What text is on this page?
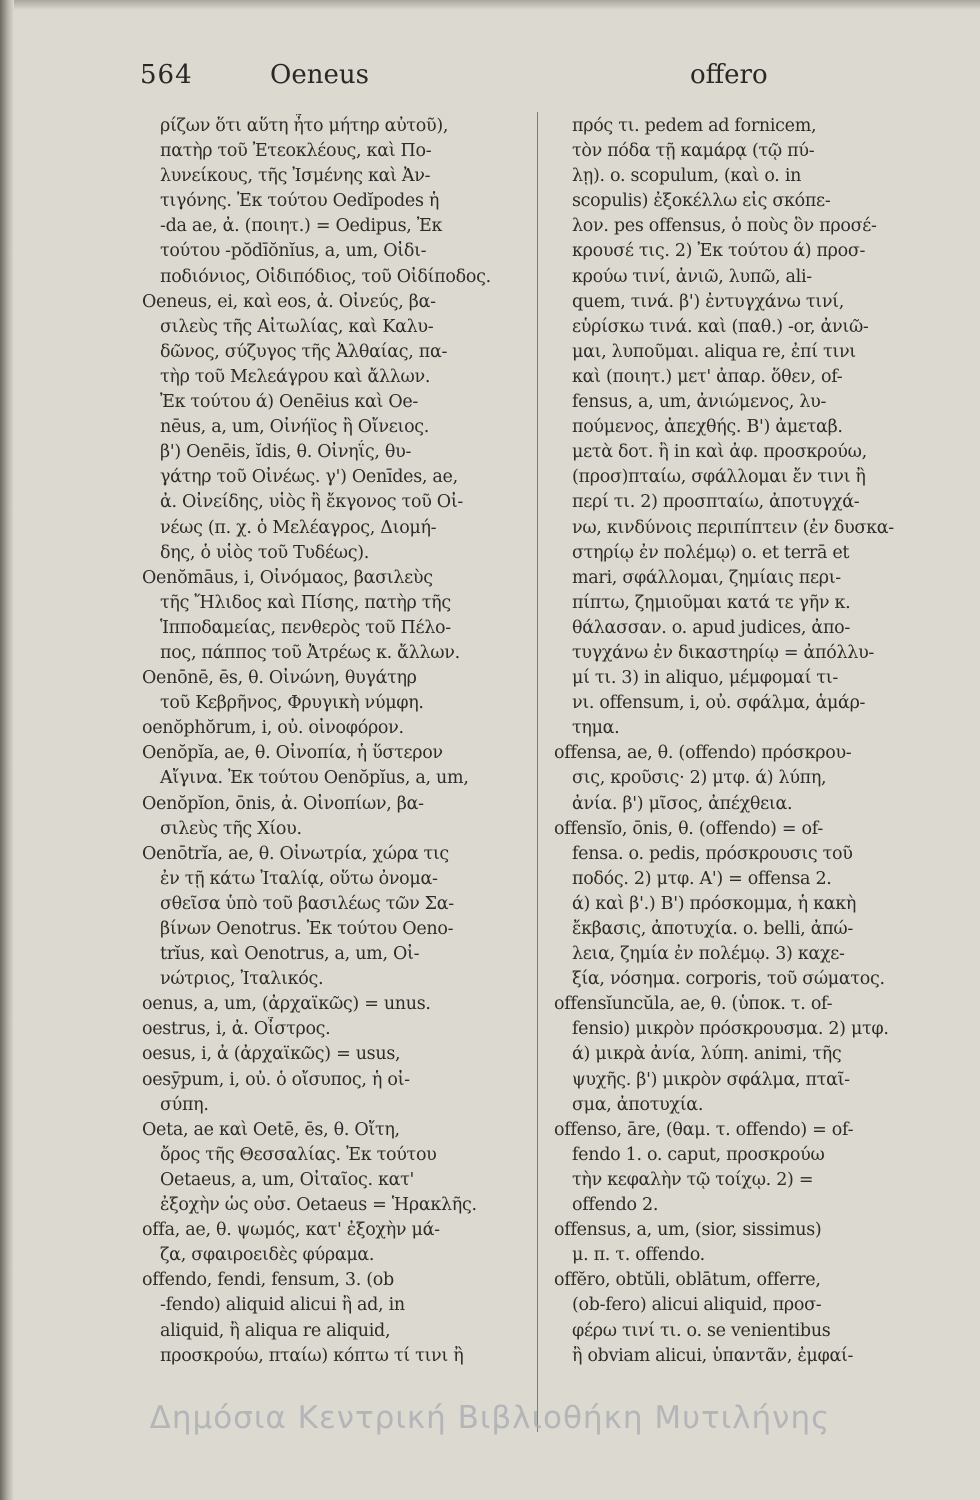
564	Oeneus	offero
ρίζων ὅτι αὕτη ἦτο μήτηρ αὐτοῦ),
πατὴρ τοῦ Ἐτεοκλέους, καὶ Πο-
λυνείκους, τῆς Ἰσμένης καὶ Ἀν-
τιγόνης. Ἐκ τούτου Oedĭpodes ἡ
-da ae, ἀ. (ποιητ.) = Oedipus, Ἐκ
τούτου -pŏdīŏnĭus, a, um, Οἰδι-
ποδιόνιος, Οἰδιπόδιος, τοῦ Οἰδίποδος.
Oeneus, ei, καὶ eos, ἀ. Οἰνεύς, βα-
σιλεὺς τῆς Αἰτωλίας, καὶ Καλυ-
δῶνος, σύζυγος τῆς Ἀλθαίας, πα-
τὴρ τοῦ Μελεάγρου καὶ ἄλλων.
Ἐκ τούτου ά) Oenēius καὶ Oe-
nēus, a, um, Οἰνήϊος ἢ Οἴνειος.
β') Oenēis, ĭdis, θ. Οἰνηΐς, θυ-
γάτηρ τοῦ Οἰνέως. γ') Oenīdes, ae,
ἀ. Οἰνείδης, υἱὸς ἢ ἔκγονος τοῦ Οἰ-
νέως (π. χ. ὁ Μελέαγρος, Διομή-
δης, ὁ υἱὸς τοῦ Τυδέως).
Oenŏmāus, i, Οἰνόμαος, βασιλεὺς
τῆς Ἤλιδος καὶ Πίσης, πατὴρ τῆς
Ἱπποδαμείας, πενθερὸς τοῦ Πέλο-
πος, πάππος τοῦ Ἀτρέως κ. ἄλλων.
Oenōnē, ēs, θ. Οἰνώνη, θυγάτηρ
τοῦ Κεβρῆνος, Φρυγικὴ νύμφη.
oenŏphŏrum, i, οὐ. οἰνοφόρον.
Oenŏpĭa, ae, θ. Οἰνοπία, ἡ ὕστερον
Αἴγινα. Ἐκ τούτου Oenŏpĭus, a, um,
Oenŏpĭon, ōnis, ἀ. Οἰνοπίων, βα-
σιλεὺς τῆς Χίου.
Oenōtrĭa, ae, θ. Οἰνωτρία, χώρα τις
ἐν τῇ κάτω Ἰταλίᾳ, οὕτω ὀνομα-
σθεῖσα ὑπὸ τοῦ βασιλέως τῶν Σα-
βίνων Oenotrus. Ἐκ τούτου Oeno-
trĭus, καὶ Oenotrus, a, um, Οἰ-
νώτριος, Ἰταλικός.
oenus, a, um, (ἀρχαϊκῶς) = unus.
oestrus, i, ἀ. Οἶστρος.
oesus, i, ἀ (ἀρχαϊκῶς) = usus,
oesȳpum, i, οὐ. ὁ οἴσυπος, ἡ οἰ-
σύπη.
Oeta, ae καὶ Oetē, ēs, θ. Οἴτη,
ὄρος τῆς Θεσσαλίας. Ἐκ τούτου
Oetaeus, a, um, Οἰταῖος. κατ'
ἐξοχὴν ὡς οὐσ. Oetaeus = Ἡρακλῆς.
offa, ae, θ. ψωμός, κατ' ἐξοχὴν μά-
ζα, σφαιροειδὲς φύραμα.
offendo, fendi, fensum, 3. (ob
-fendo) aliquid alicui ἢ ad, in
aliquid, ἢ aliqua re aliquid,
προσκρούω, πταίω) κόπτω τί τινι ἢ
πρός τι. pedem ad fornicem,
τὸν πόδα τῇ καμάρᾳ (τῷ πύ-
λῃ). o. scopulum, (καὶ o. in
scopulis) ἐξοκέλλω εἰς σκόπε-
λον. pes offensus, ὁ ποὺς ὃν προσέ-
κρουσέ τις. 2) Ἐκ τούτου ά) προσ-
κρούω τινί, ἀνιῶ, λυπῶ, ali-
quem, τινά. β') ἐντυγχάνω τινί,
εὑρίσκω τινά. καὶ (παθ.) -or, ἀνιῶ-
μαι, λυποῦμαι. aliqua re, ἐπί τινι
καὶ (ποιητ.) μετ' ἀπαρ. ὅθεν, of-
fensus, a, um, ἀνιώμενος, λυ-
πούμενος, ἀπεχθής. Β') ἀμεταβ.
μετὰ δοτ. ἢ in καὶ ἀφ. προσκρούω,
(προσ)πταίω, σφάλλομαι ἔν τινι ἢ
περί τι. 2) προσπταίω, ἀποτυγχά-
νω, κινδύνοις περιπίπτειν (ἐν δυσκα-
στηρίῳ ἐν πολέμῳ) o. et terrā et
mari, σφάλλομαι, ζημίαις περι-
πίπτω, ζημιοῦμαι κατά τε γῆν κ.
θάλασσαν. o. apud judices, ἀπο-
τυγχάνω ἐν δικαστηρίῳ = ἀπόλλυ-
μί τι. 3) in aliquo, μέμφομαί τι-
νι. offensum, i, οὐ. σφάλμα, ἁμάρ-
τημα.
offensa, ae, θ. (offendo) πρόσκρου-
σις, κροῦσις· 2) μτφ. ά) λύπη,
ἀνία. β') μῖσος, ἀπέχθεια.
offensĭo, ōnis, θ. (offendo) = of-
fensa. o. pedis, πρόσκρουσις τοῦ
ποδός. 2) μτφ. Α') = offensa 2.
ά) καὶ β'.) Β') πρόσκομμα, ἡ κακὴ
ἔκβασις, ἀποτυχία. o. belli, ἀπώ-
λεια, ζημία ἐν πολέμῳ. 3) καχε-
ξία, νόσημα. corporis, τοῦ σώματος.
offensĭuncŭla, ae, θ. (ὑποκ. τ. of-
fensio) μικρὸν πρόσκρουσμα. 2) μτφ.
ά) μικρὰ ἀνία, λύπη. animi, τῆς
ψυχῆς. β') μικρὸν σφάλμα, πταῖ-
σμα, ἀποτυχία.
offenso, āre, (θαμ. τ. offendo) = of-
fendo 1. o. caput, προσκρούω
τὴν κεφαλὴν τῷ τοίχῳ. 2) =
offendo 2.
offensus, a, um, (sior, sissimus)
μ. π. τ. offendo.
offĕro, obtŭli, oblātum, offerre,
(ob-fero) alicui aliquid, προσ-
φέρω τινί τι. o. se venientibus
ἢ obviam alicui, ὑπαντᾶν, ἐμφαί-
Δημόσια Κεντρική Βιβλιοθήκη Μυτιλήνης
